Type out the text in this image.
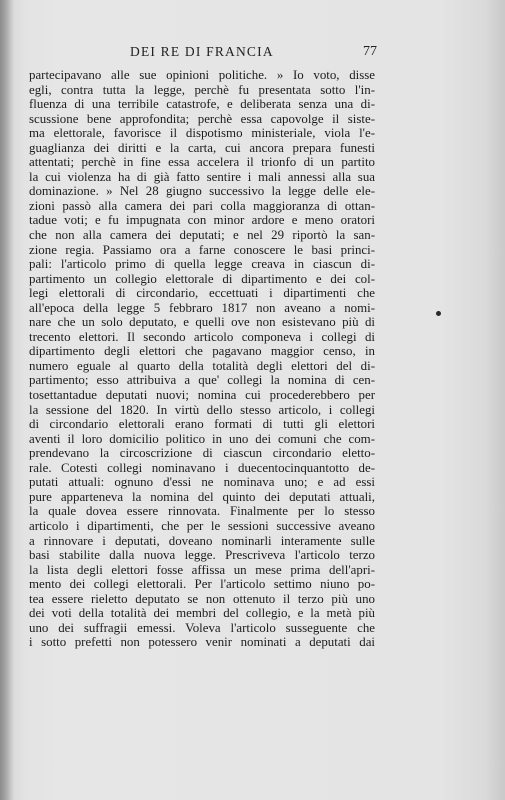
DEI RE DI FRANCIA	77
partecipavano alle sue opinioni politiche. » Io voto, disse
egli, contra tutta la legge, perchè fu presentata sotto l'in-
fluenza di una terribile catastrofe, e deliberata senza una di-
scussione bene approfondita; perchè essa capovolge il siste-
ma elettorale, favorisce il dispotismo ministeriale, viola l'e-
guaglianza dei diritti e la carta, cui ancora prepara funesti
attentati; perchè in fine essa accelera il trionfo di un partito
la cui violenza ha di già fatto sentire i mali annessi alla sua
dominazione. » Nel 28 giugno successivo la legge delle ele-
zioni passò alla camera dei pari colla maggioranza di ottan-
tadue voti; e fu impugnata con minor ardore e meno oratori
che non alla camera dei deputati; e nel 29 riportò la san-
zione regia. Passiamo ora a farne conoscere le basi princi-
pali: l'articolo primo di quella legge creava in ciascun di-
partimento un collegio elettorale di dipartimento e dei col-
legi elettorali di circondario, eccettuati i dipartimenti che
all'epoca della legge 5 febbraro 1817 non aveano a nomi-
nare che un solo deputato, e quelli ove non esistevano più di
trecento elettori. Il secondo articolo componeva i collegi di
dipartimento degli elettori che pagavano maggior censo, in
numero eguale al quarto della totalità degli elettori del di-
partimento; esso attribuiva a que' collegi la nomina di cen-
tosettantadue deputati nuovi; nomina cui procederebbero per
la sessione del 1820. In virtù dello stesso articolo, i collegi
di circondario elettorali erano formati di tutti gli elettori
aventi il loro domicilio politico in uno dei comuni che com-
prendevano la circoscrizione di ciascun circondario eletto-
rale. Cotesti collegi nominavano i duecentocinquantotto de-
putati attuali: ognuno d'essi ne nominava uno; e ad essi
pure apparteneva la nomina del quinto dei deputati attuali,
la quale dovea essere rinnovata. Finalmente per lo stesso
articolo i dipartimenti, che per le sessioni successive aveano
a rinnovare i deputati, doveano nominarli interamente sulle
basi stabilite dalla nuova legge. Prescriveva l'articolo terzo
la lista degli elettori fosse affissa un mese prima dell'apri-
mento dei collegi elettorali. Per l'articolo settimo niuno po-
tea essere rieletto deputato se non ottenuto il terzo più uno
dei voti della totalità dei membri del collegio, e la metà più
uno dei suffragii emessi. Voleva l'articolo susseguente che
i sotto prefetti non potessero venir nominati a deputati dai
